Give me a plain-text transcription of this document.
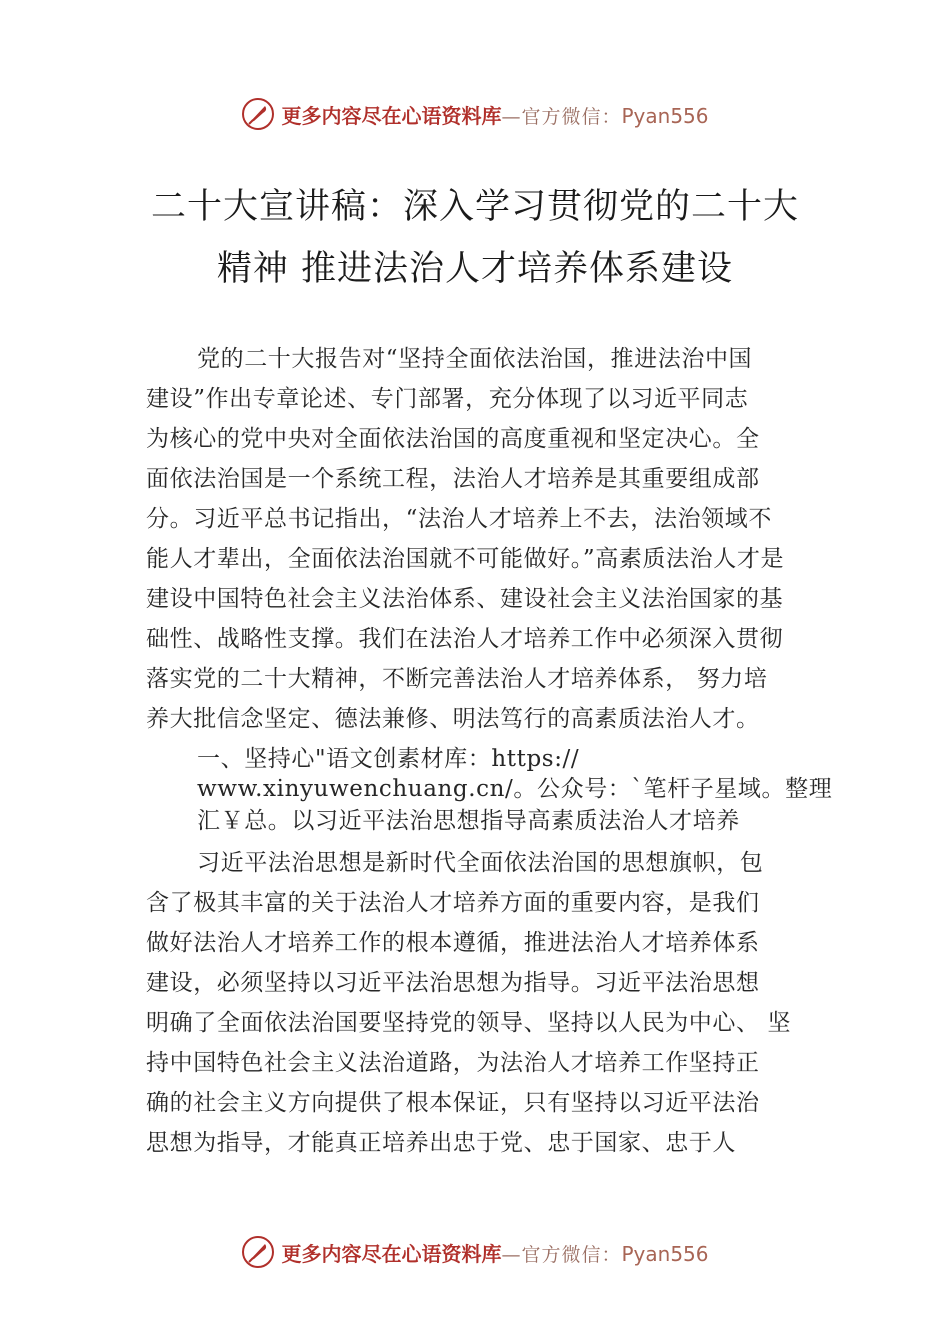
更多内容尽在心语资料库 —官方微信： Pyan556
二十大宣讲稿：深入学习贯彻党的二十大
精神 推进法治人才培养体系建设
党的二十大报告对“坚持全面依法治国，推进法治中国
建设”作出专章论述、专门部署，充分体现了以习近平同志
为核心的党中央对全面依法治国的高度重视和坚定决心。全
面依法治国是一个系统工程，法治人才培养是其重要组成部
分。习近平总书记指出，“法治人才培养上不去，法治领域不
能人才辈出，全面依法治国就不可能做好。”高素质法治人才是
建设中国特色社会主义法治体系、建设社会主义法治国家的基
础性、战略性支撑。我们在法治人才培养工作中必须深入贯彻
落实党的二十大精神，不断完善法治人才培养体系， 努力培
养大批信念坚定、德法兼修、明法笃行的高素质法治人才。
一、坚持心"语文创素材库：https://
www.xinyuwenchuang.cn/。公众号：`笔杆子星域。整理
汇￥总。以习近平法治思想指导高素质法治人才培养
习近平法治思想是新时代全面依法治国的思想旗帜，包
含了极其丰富的关于法治人才培养方面的重要内容，是我们
做好法治人才培养工作的根本遵循，推进法治人才培养体系
建设，必须坚持以习近平法治思想为指导。习近平法治思想
明确了全面依法治国要坚持党的领导、坚持以人民为中心、 坚
持中国特色社会主义法治道路，为法治人才培养工作坚持正
确的社会主义方向提供了根本保证，只有坚持以习近平法治
思想为指导，才能真正培养出忠于党、忠于国家、忠于人
更多内容尽在心语资料库 —官方微信： Pyan556
